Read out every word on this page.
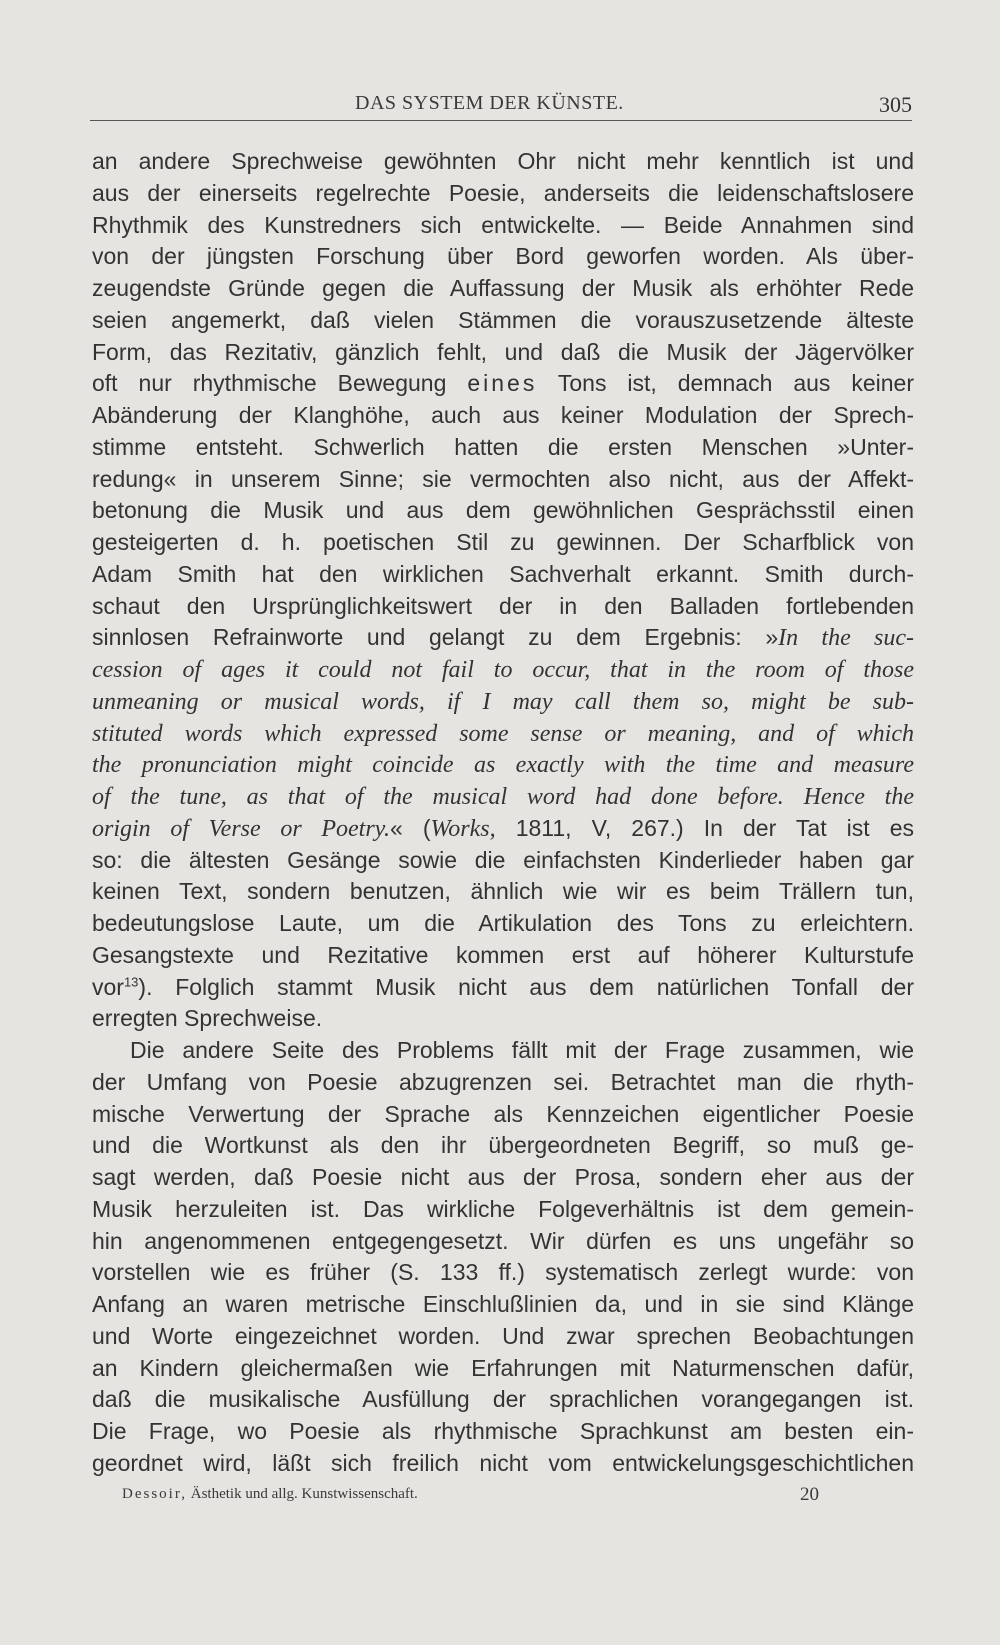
DAS SYSTEM DER KÜNSTE.	305
an andere Sprechweise gewöhnten Ohr nicht mehr kenntlich ist und
aus der einerseits regelrechte Poesie, anderseits die leidenschaftslosere
Rhythmik des Kunstredners sich entwickelte. — Beide Annahmen sind
von der jüngsten Forschung über Bord geworfen worden. Als über-
zeugendste Gründe gegen die Auffassung der Musik als erhöhter Rede
seien angemerkt, daß vielen Stämmen die vorauszusetzende älteste
Form, das Rezitativ, gänzlich fehlt, und daß die Musik der Jägervölker
oft nur rhythmische Bewegung eines Tons ist, demnach aus keiner
Abänderung der Klanghöhe, auch aus keiner Modulation der Sprech-
stimme entsteht. Schwerlich hatten die ersten Menschen »Unter-
redung« in unserem Sinne; sie vermochten also nicht, aus der Affekt-
betonung die Musik und aus dem gewöhnlichen Gesprächsstil einen
gesteigerten d. h. poetischen Stil zu gewinnen. Der Scharfblick von
Adam Smith hat den wirklichen Sachverhalt erkannt. Smith durch-
schaut den Ursprünglichkeitswert der in den Balladen fortlebenden
sinnlosen Refrainworte und gelangt zu dem Ergebnis: »In the suc-
cession of ages it could not fail to occur, that in the room of those
unmeaning or musical words, if I may call them so, might be sub-
stituted words which expressed some sense or meaning, and of which
the pronunciation might coincide as exactly with the time and measure
of the tune, as that of the musical word had done before. Hence the
origin of Verse or Poetry.« (Works, 1811, V, 267.) In der Tat ist es
so: die ältesten Gesänge sowie die einfachsten Kinderlieder haben gar
keinen Text, sondern benutzen, ähnlich wie wir es beim Trällern tun,
bedeutungslose Laute, um die Artikulation des Tons zu erleichtern.
Gesangstexte und Rezitative kommen erst auf höherer Kulturstufe
vor$^{13}$). Folglich stammt Musik nicht aus dem natürlichen Tonfall der
erregten Sprechweise.
Die andere Seite des Problems fällt mit der Frage zusammen, wie
der Umfang von Poesie abzugrenzen sei. Betrachtet man die rhyth-
mische Verwertung der Sprache als Kennzeichen eigentlicher Poesie
und die Wortkunst als den ihr übergeordneten Begriff, so muß ge-
sagt werden, daß Poesie nicht aus der Prosa, sondern eher aus der
Musik herzuleiten ist. Das wirkliche Folgeverhältnis ist dem gemein-
hin angenommenen entgegengesetzt. Wir dürfen es uns ungefähr so
vorstellen wie es früher (S. 133 ff.) systematisch zerlegt wurde: von
Anfang an waren metrische Einschlußlinien da, und in sie sind Klänge
und Worte eingezeichnet worden. Und zwar sprechen Beobachtungen
an Kindern gleichermaßen wie Erfahrungen mit Naturmenschen dafür,
daß die musikalische Ausfüllung der sprachlichen vorangegangen ist.
Die Frage, wo Poesie als rhythmische Sprachkunst am besten ein-
geordnet wird, läßt sich freilich nicht vom entwickelungsgeschichtlichen
Dessoir, Ästhetik und allg. Kunstwissenschaft.	20
